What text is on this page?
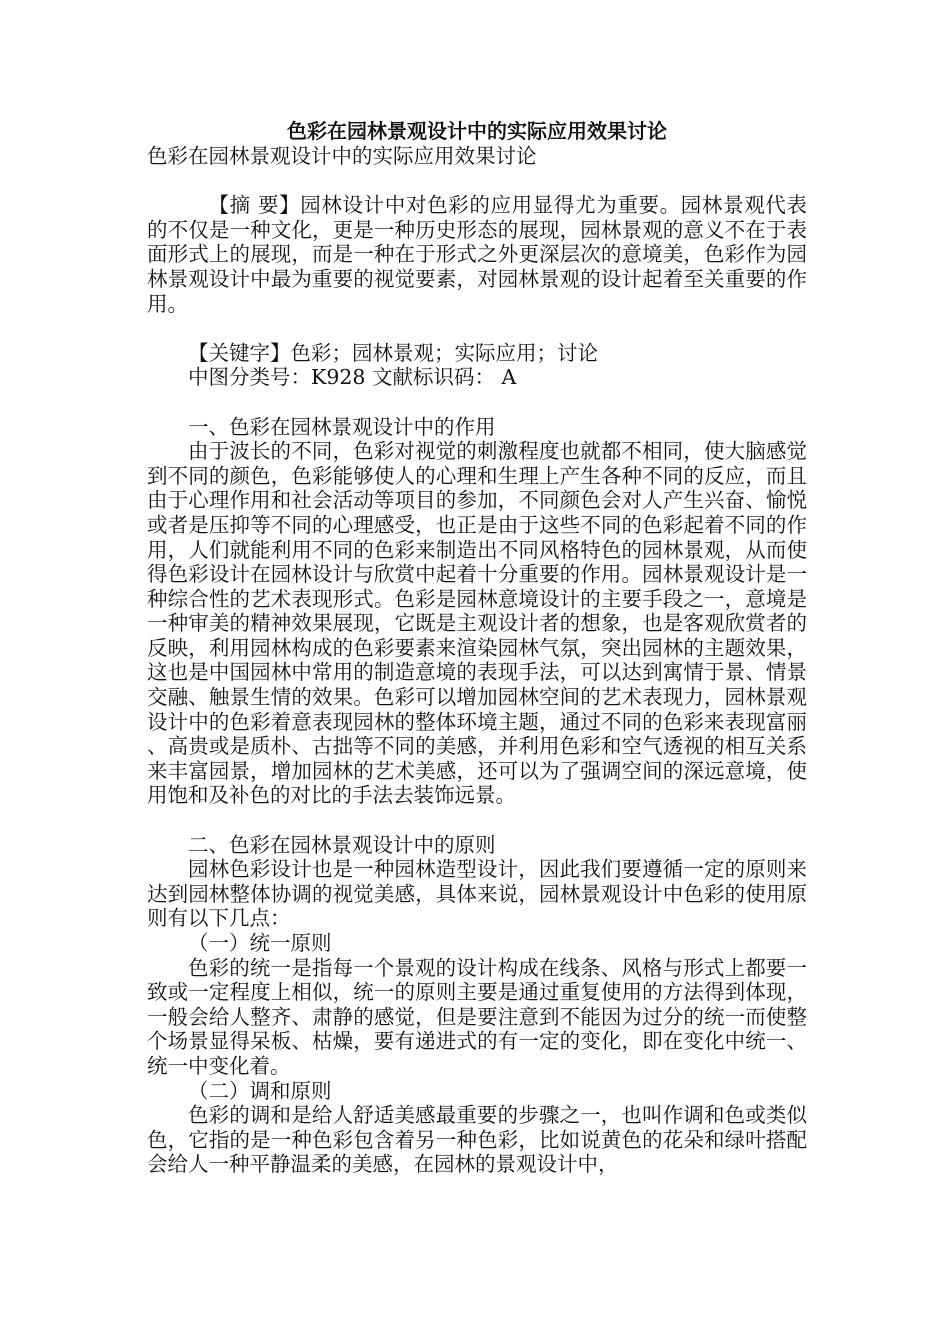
色彩在园林景观设计中的实际应用效果讨论

色彩在园林景观设计中的实际应用效果讨论

【摘 要】园林设计中对色彩的应用显得尤为重要。园林景观代表的不仅是一种文化，更是一种历史形态的展现，园林景观的意义不在于表面形式上的展现，而是一种在于形式之外更深层次的意境美，色彩作为园林景观设计中最为重要的视觉要素，对园林景观的设计起着至关重要的作用。

【关键字】色彩；园林景观；实际应用；讨论

中图分类号：K928 文献标识码： A

一、色彩在园林景观设计中的作用

由于波长的不同，色彩对视觉的刺激程度也就都不相同，使大脑感觉到不同的颜色，色彩能够使人的心理和生理上产生各种不同的反应，而且由于心理作用和社会活动等项目的参加，不同颜色会对人产生兴奋、愉悦或者是压抑等不同的心理感受，也正是由于这些不同的色彩起着不同的作用，人们就能利用不同的色彩来制造出不同风格特色的园林景观，从而使得色彩设计在园林设计与欣赏中起着十分重要的作用。园林景观设计是一种综合性的艺术表现形式。色彩是园林意境设计的主要手段之一，意境是一种审美的精神效果展现，它既是主观设计者的想象，也是客观欣赏者的反映，利用园林构成的色彩要素来渲染园林气氛，突出园林的主题效果，这也是中国园林中常用的制造意境的表现手法，可以达到寓情于景、情景交融、触景生情的效果。色彩可以增加园林空间的艺术表现力，园林景观设计中的色彩着意表现园林的整体环境主题，通过不同的色彩来表现富丽、高贵或是质朴、古拙等不同的美感，并利用色彩和空气透视的相互关系来丰富园景，增加园林的艺术美感，还可以为了强调空间的深远意境，使用饱和及补色的对比的手法去装饰远景。

二、色彩在园林景观设计中的原则

园林色彩设计也是一种园林造型设计，因此我们要遵循一定的原则来达到园林整体协调的视觉美感，具体来说，园林景观设计中色彩的使用原则有以下几点：

（一）统一原则

色彩的统一是指每一个景观的设计构成在线条、风格与形式上都要一致或一定程度上相似，统一的原则主要是通过重复使用的方法得到体现，一般会给人整齐、肃静的感觉，但是要注意到不能因为过分的统一而使整个场景显得呆板、枯燥，要有递进式的有一定的变化，即在变化中统一、统一中变化着。

（二）调和原则

色彩的调和是给人舒适美感最重要的步骤之一，也叫作调和色或类似色，它指的是一种色彩包含着另一种色彩，比如说黄色的花朵和绿叶搭配会给人一种平静温柔的美感，在园林的景观设计中，
